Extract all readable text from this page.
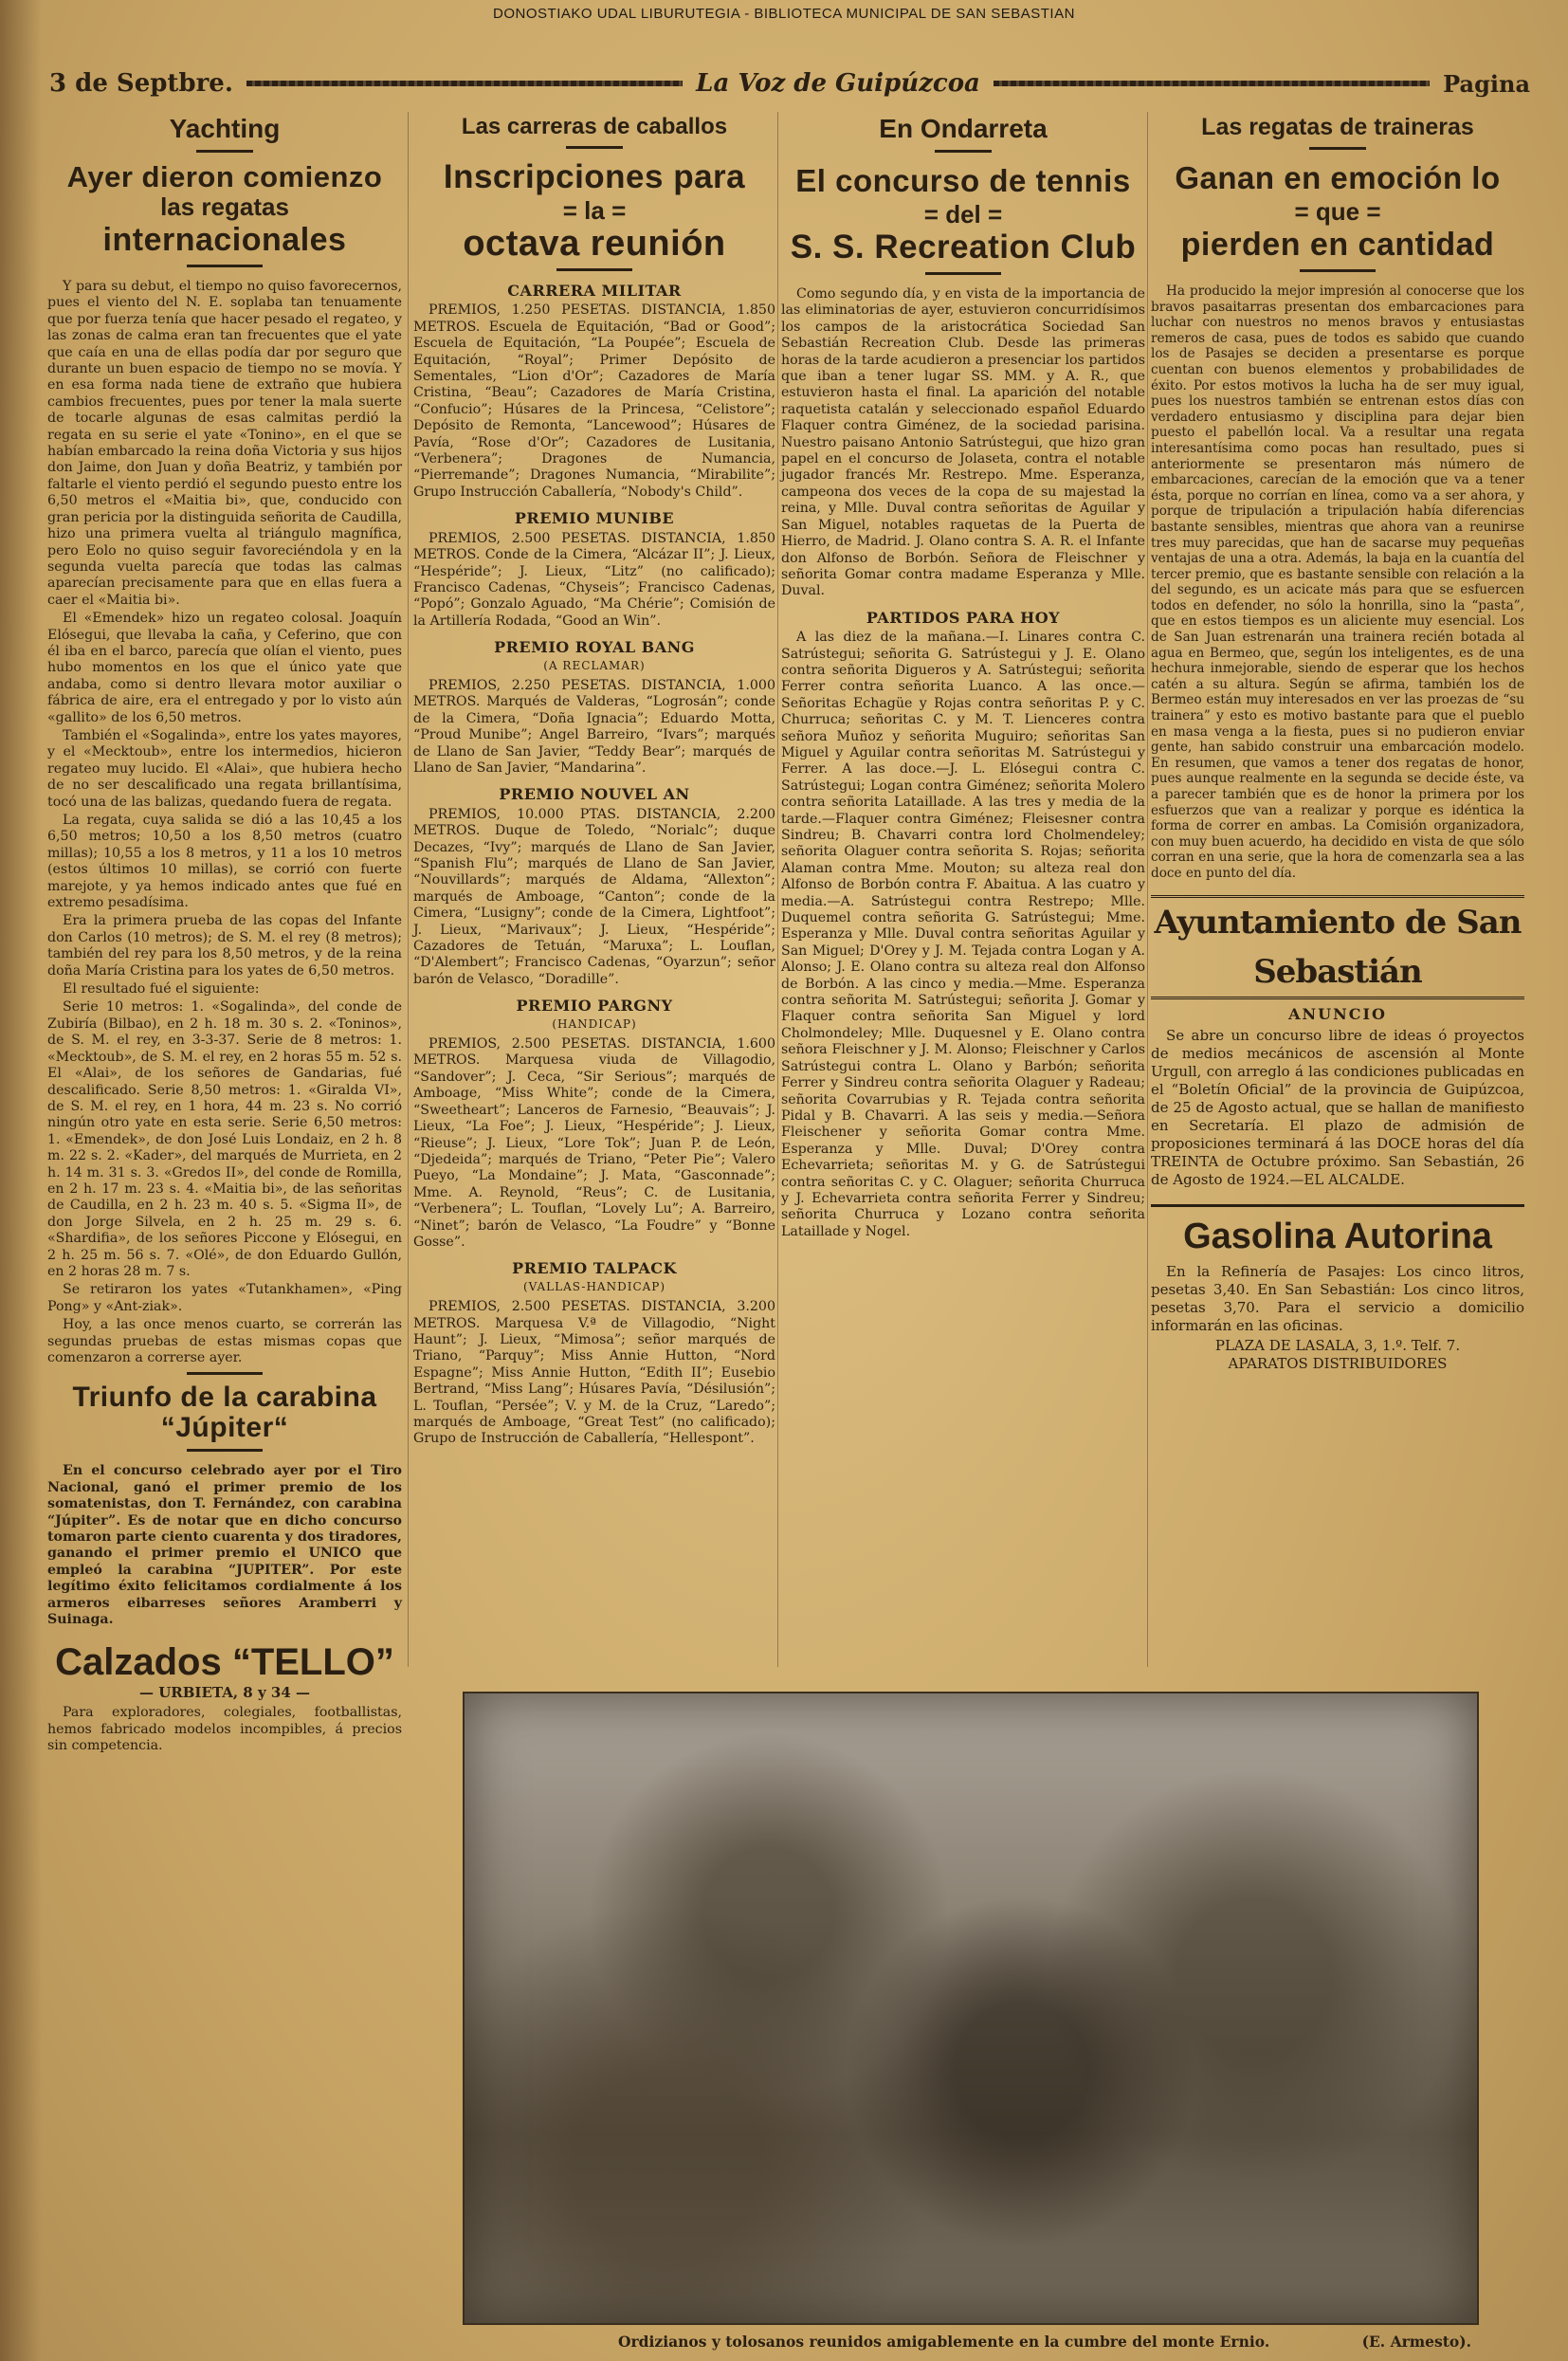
DONOSTIAKO UDAL LIBURUTEGIA - BIBLIOTECA MUNICIPAL DE SAN SEBASTIAN
3 de Septbre.	La Voz de Guipúzcoa	Pagina
Yachting
Ayer dieron comienzo
las regatas
internacionales

Y para su debut, el tiempo no quiso favorecernos, pues el viento del N. E. soplaba tan tenuamente que por fuerza tenía que hacer pesado el regateo, y las zonas de calma eran tan frecuentes que el yate que caía en una de ellas podía dar por seguro que durante un buen espacio de tiempo no se movía. Y en esa forma nada tiene de extraño que hubiera cambios frecuentes, pues por tener la mala suerte de tocarle algunas de esas calmitas perdió la regata en su serie el yate «Tonino», en el que se habían embarcado la reina doña Victoria y sus hijos don Jaime, don Juan y doña Beatriz, y también por faltarle el viento perdió el segundo puesto entre los 6,50 metros el «Maitia bi», que, conducido con gran pericia por la distinguida señorita de Caudilla, hizo una primera vuelta al triángulo magnífica, pero Eolo no quiso seguir favoreciéndola y en la segunda vuelta parecía que todas las calmas aparecían precisamente para que en ellas fuera a caer el «Maitia bi».

El «Emendek» hizo un regateo colosal. Joaquín Elósegui, que llevaba la caña, y Ceferino, que con él iba en el barco, parecía que olían el viento, pues hubo momentos en los que el único yate que andaba, como si dentro llevara motor auxiliar o fábrica de aire, era el entregado y por lo visto aún «gallito» de los 6,50 metros.

También el «Sogalinda», entre los yates mayores, y el «Mecktoub», entre los intermedios, hicieron regateo muy lucido. El «Alai», que hubiera hecho de no ser descalificado una regata brillantísima, tocó una de las balizas, quedando fuera de regata.

La regata, cuya salida se dió a las 10,45 a los 6,50 metros; 10,50 a los 8,50 metros (cuatro millas); 10,55 a los 8 metros, y 11 a los 10 metros (estos últimos 10 millas), se corrió con fuerte marejote, y ya hemos indicado antes que fué en extremo pesadísima.

Era la primera prueba de las copas del Infante don Carlos (10 metros); de S. M. el rey (8 metros); también del rey para los 8,50 metros, y de la reina doña María Cristina para los yates de 6,50 metros.

El resultado fué el siguiente:

Serie 10 metros: 1. «Sogalinda», del conde de Zubiría (Bilbao), en 2 h. 18 m. 30 s. 2. «Toninos», de S. M. el rey, en 3-3-37. Serie de 8 metros: 1. «Mecktoub», de S. M. el rey, en 2 horas 55 m. 52 s. El «Alai», de los señores de Gandarias, fué descalificado. Serie 8,50 metros: 1. «Giralda VI», de S. M. el rey, en 1 hora, 44 m. 23 s. No corrió ningún otro yate en esta serie. Serie 6,50 metros: 1. «Emendek», de don José Luis Londaiz, en 2 h. 8 m. 22 s. 2. «Kader», del marqués de Murrieta, en 2 h. 14 m. 31 s. 3. «Gredos II», del conde de Romilla, en 2 h. 17 m. 23 s. 4. «Maitia bi», de las señoritas de Caudilla, en 2 h. 23 m. 40 s. 5. «Sigma II», de don Jorge Silvela, en 2 h. 25 m. 29 s. 6. «Shardifia», de los señores Piccone y Elósegui, en 2 h. 25 m. 56 s. 7. «Olé», de don Eduardo Gullón, en 2 horas 28 m. 7 s.

Se retiraron los yates «Tutankhamen», «Ping Pong» y «Ant-ziak».

Hoy, a las once menos cuarto, se correrán las segundas pruebas de estas mismas copas que comenzaron a correrse ayer.

Triunfo de la carabina
“Júpiter“

En el concurso celebrado ayer por el Tiro Nacional, ganó el primer premio de los somatenistas, don T. Fernández, con carabina “Júpiter”. Es de notar que en dicho concurso tomaron parte ciento cuarenta y dos tiradores, ganando el primer premio el UNICO que empleó la carabina “JUPITER”. Por este legítimo éxito felicitamos cordialmente á los armeros eibarreses señores Aramberri y Suinaga.

Calzados “TELLO”
— URBIETA, 8 y 34 —

Para exploradores, colegiales, footballistas, hemos fabricado modelos incompibles, á precios sin competencia.

Las carreras de caballos
Inscripciones para
= la =
octava reunión
CARRERA MILITAR

PREMIOS, 1.250 PESETAS. DISTANCIA, 1.850 METROS. Escuela de Equitación, “Bad or Good”; Escuela de Equitación, “La Poupée”; Escuela de Equitación, “Royal”; Primer Depósito de Sementales, “Lion d'Or”; Cazadores de María Cristina, “Beau”; Cazadores de María Cristina, “Confucio”; Húsares de la Princesa, “Celistore”; Depósito de Remonta, “Lancewood”; Húsares de Pavía, “Rose d'Or”; Cazadores de Lusitania, “Verbenera”; Dragones de Numancia, “Pierremande”; Dragones Numancia, “Mirabilite”; Grupo Instrucción Caballería, “Nobody's Child”.

PREMIO MUNIBE

PREMIOS, 2.500 PESETAS. DISTANCIA, 1.850 METROS. Conde de la Cimera, “Alcázar II”; J. Lieux, “Hespéride”; J. Lieux, “Litz” (no calificado); Francisco Cadenas, “Chyseis”; Francisco Cadenas, “Popó”; Gonzalo Aguado, “Ma Chérie”; Comisión de la Artillería Rodada, “Good an Win”.

PREMIO ROYAL BANG
(A RECLAMAR)

PREMIOS, 2.250 PESETAS. DISTANCIA, 1.000 METROS. Marqués de Valderas, “Logrosán”; conde de la Cimera, “Doña Ignacia”; Eduardo Motta, “Proud Munibe”; Angel Barreiro, “Ivars”; marqués de Llano de San Javier, “Teddy Bear”; marqués de Llano de San Javier, “Mandarina”.

PREMIO NOUVEL AN

PREMIOS, 10.000 PTAS. DISTANCIA, 2.200 METROS. Duque de Toledo, “Norialc”; duque Decazes, “Ivy”; marqués de Llano de San Javier, “Spanish Flu”; marqués de Llano de San Javier, “Nouvillards”; marqués de Aldama, “Allexton”; marqués de Amboage, “Canton”; conde de la Cimera, “Lusigny”; conde de la Cimera, Lightfoot”; J. Lieux, “Marivaux”; J. Lieux, “Hespéride”; Cazadores de Tetuán, “Maruxa”; L. Louflan, “D'Alembert”; Francisco Cadenas, “Oyarzun”; señor barón de Velasco, “Doradille”.

PREMIO PARGNY
(HANDICAP)

PREMIOS, 2.500 PESETAS. DISTANCIA, 1.600 METROS. Marquesa viuda de Villagodio, “Sandover”; J. Ceca, “Sir Serious”; marqués de Amboage, “Miss White”; conde de la Cimera, “Sweetheart”; Lanceros de Farnesio, “Beauvais”; J. Lieux, “La Foe”; J. Lieux, “Hespéride”; J. Lieux, “Rieuse”; J. Lieux, “Lore Tok”; Juan P. de León, “Djedeida”; marqués de Triano, “Peter Pie”; Valero Pueyo, “La Mondaine”; J. Mata, “Gasconnade”; Mme. A. Reynold, “Reus”; C. de Lusitania, “Verbenera”; L. Touflan, “Lovely Lu”; A. Barreiro, “Ninet”; barón de Velasco, “La Foudre” y “Bonne Gosse”.

PREMIO TALPACK
(VALLAS-HANDICAP)

PREMIOS, 2.500 PESETAS. DISTANCIA, 3.200 METROS. Marquesa V.ª de Villagodio, “Night Haunt”; J. Lieux, “Mimosa”; señor marqués de Triano, “Parquy”; Miss Annie Hutton, “Nord Espagne”; Miss Annie Hutton, “Edith II”; Eusebio Bertrand, “Miss Lang”; Húsares Pavía, “Désilusión”; L. Touflan, “Persée”; V. y M. de la Cruz, “Laredo”; marqués de Amboage, “Great Test” (no calificado); Grupo de Instrucción de Caballería, “Hellespont”.

En Ondarreta
El concurso de tennis
= del =
S. S. Recreation Club

Como segundo día, y en vista de la importancia de las eliminatorias de ayer, estuvieron concurridísimos los campos de la aristocrática Sociedad San Sebastián Recreation Club. Desde las primeras horas de la tarde acudieron a presenciar los partidos que iban a tener lugar SS. MM. y A. R., que estuvieron hasta el final. La aparición del notable raquetista catalán y seleccionado español Eduardo Flaquer contra Giménez, de la sociedad parisina. Nuestro paisano Antonio Satrústegui, que hizo gran papel en el concurso de Jolaseta, contra el notable jugador francés Mr. Restrepo. Mme. Esperanza, campeona dos veces de la copa de su majestad la reina, y Mlle. Duval contra señoritas de Aguilar y San Miguel, notables raquetas de la Puerta de Hierro, de Madrid. J. Olano contra S. A. R. el Infante don Alfonso de Borbón. Señora de Fleischner y señorita Gomar contra madame Esperanza y Mlle. Duval.

PARTIDOS PARA HOY

A las diez de la mañana.—I. Linares contra C. Satrústegui; señorita G. Satrústegui y J. E. Olano contra señorita Digueros y A. Satrústegui; señorita Ferrer contra señorita Luanco. A las once.—Señoritas Echagüe y Rojas contra señoritas P. y C. Churruca; señoritas C. y M. T. Lienceres contra señora Muñoz y señorita Muguiro; señoritas San Miguel y Aguilar contra señoritas M. Satrústegui y Ferrer. A las doce.—J. L. Elósegui contra C. Satrústegui; Logan contra Giménez; señorita Molero contra señorita Lataillade. A las tres y media de la tarde.—Flaquer contra Giménez; Fleisesner contra Sindreu; B. Chavarri contra lord Cholmendeley; señorita Olaguer contra señorita S. Rojas; señorita Alaman contra Mme. Mouton; su alteza real don Alfonso de Borbón contra F. Abaitua. A las cuatro y media.—A. Satrústegui contra Restrepo; Mlle. Duquemel contra señorita G. Satrústegui; Mme. Esperanza y Mlle. Duval contra señoritas Aguilar y San Miguel; D'Orey y J. M. Tejada contra Logan y A. Alonso; J. E. Olano contra su alteza real don Alfonso de Borbón. A las cinco y media.—Mme. Esperanza contra señorita M. Satrústegui; señorita J. Gomar y Flaquer contra señorita San Miguel y lord Cholmondeley; Mlle. Duquesnel y E. Olano contra señora Fleischner y J. M. Alonso; Fleischner y Carlos Satrústegui contra L. Olano y Barbón; señorita Ferrer y Sindreu contra señorita Olaguer y Radeau; señorita Covarrubias y R. Tejada contra señorita Pidal y B. Chavarri. A las seis y media.—Señora Fleischener y señorita Gomar contra Mme. Esperanza y Mlle. Duval; D'Orey contra Echevarrieta; señoritas M. y G. de Satrústegui contra señoritas C. y C. Olaguer; señorita Churruca y J. Echevarrieta contra señorita Ferrer y Sindreu; señorita Churruca y Lozano contra señorita Lataillade y Nogel.

Las regatas de traineras
Ganan en emoción lo
= que =
pierden en cantidad

Ha producido la mejor impresión al conocerse que los bravos pasaitarras presentan dos embarcaciones para luchar con nuestros no menos bravos y entusiastas remeros de casa, pues de todos es sabido que cuando los de Pasajes se deciden a presentarse es porque cuentan con buenos elementos y probabilidades de éxito. Por estos motivos la lucha ha de ser muy igual, pues los nuestros también se entrenan estos días con verdadero entusiasmo y disciplina para dejar bien puesto el pabellón local. Va a resultar una regata interesantísima como pocas han resultado, pues si anteriormente se presentaron más número de embarcaciones, carecían de la emoción que va a tener ésta, porque no corrían en línea, como va a ser ahora, y porque de tripulación a tripulación había diferencias bastante sensibles, mientras que ahora van a reunirse tres muy parecidas, que han de sacarse muy pequeñas ventajas de una a otra. Además, la baja en la cuantía del tercer premio, que es bastante sensible con relación a la del segundo, es un acicate más para que se esfuercen todos en defender, no sólo la honrilla, sino la “pasta”, que en estos tiempos es un aliciente muy esencial. Los de San Juan estrenarán una trainera recién botada al agua en Bermeo, que, según los inteligentes, es de una hechura inmejorable, siendo de esperar que los hechos catén a su altura. Según se afirma, también los de Bermeo están muy interesados en ver las proezas de “su trainera” y esto es motivo bastante para que el pueblo en masa venga a la fiesta, pues si no pudieron enviar gente, han sabido construir una embarcación modelo. En resumen, que vamos a tener dos regatas de honor, pues aunque realmente en la segunda se decide éste, va a parecer también que es de honor la primera por los esfuerzos que van a realizar y porque es idéntica la forma de correr en ambas. La Comisión organizadora, con muy buen acuerdo, ha decidido en vista de que sólo corran en una serie, que la hora de comenzarla sea a las doce en punto del día.

Ayuntamiento de San Sebastián
ANUNCIO

Se abre un concurso libre de ideas ó proyectos de medios mecánicos de ascensión al Monte Urgull, con arreglo á las condiciones publicadas en el “Boletín Oficial” de la provincia de Guipúzcoa, de 25 de Agosto actual, que se hallan de manifiesto en Secretaría. El plazo de admisión de proposiciones terminará á las DOCE horas del día TREINTA de Octubre próximo. San Sebastián, 26 de Agosto de 1924.—EL ALCALDE.

Gasolina Autorina

En la Refinería de Pasajes: Los cinco litros, pesetas 3,40. En San Sebastián: Los cinco litros, pesetas 3,70. Para el servicio a domicilio informarán en las oficinas.

PLAZA DE LASALA, 3, 1.º. Telf. 7.
APARATOS DISTRIBUIDORES
Ordizianos y tolosanos reunidos amigablemente en la cumbre del monte Ernio.	(E. Armesto).
